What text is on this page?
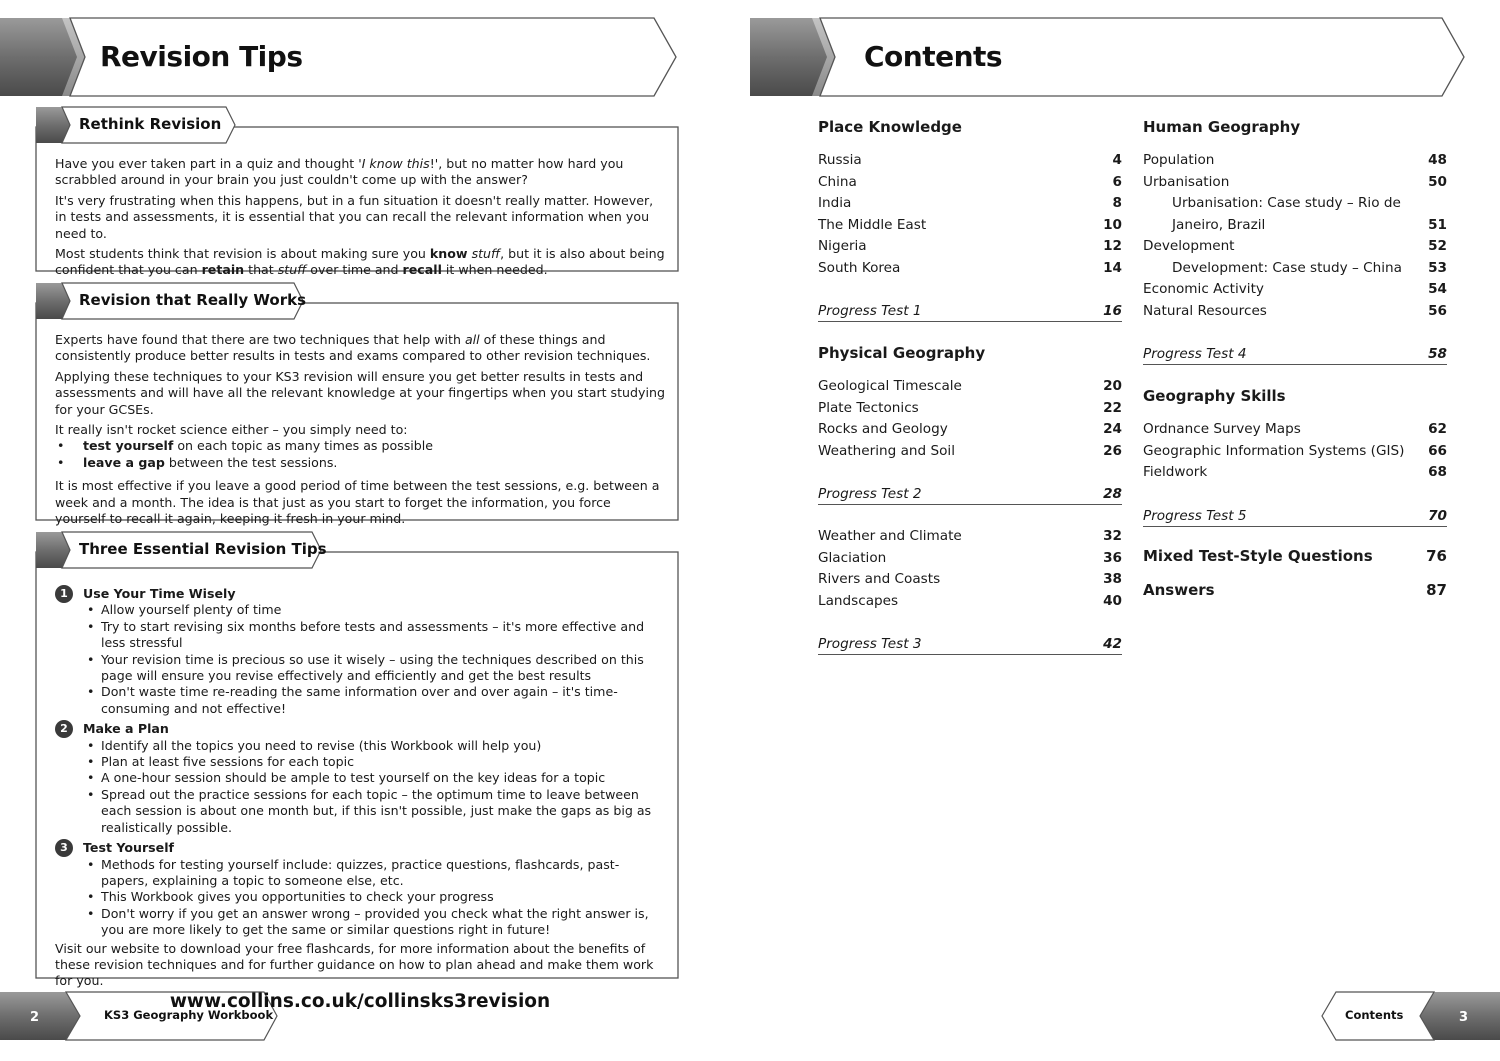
Revision Tips
Rethink Revision

Have you ever taken part in a quiz and thought 'I know this!', but no matter how hard you scrabbled around in your brain you just couldn't come up with the answer?

It's very frustrating when this happens, but in a fun situation it doesn't really matter. However, in tests and assessments, it is essential that you can recall the relevant information when you need to.

Most students think that revision is about making sure you know stuff, but it is also about being confident that you can retain that stuff over time and recall it when needed.

Revision that Really Works

Experts have found that there are two techniques that help with all of these things and consistently produce better results in tests and exams compared to other revision techniques.

Applying these techniques to your KS3 revision will ensure you get better results in tests and assessments and will have all the relevant knowledge at your fingertips when you start studying for your GCSEs.

It really isn't rocket science either – you simply need to:

• test yourself on each topic as many times as possible
• leave a gap between the test sessions.

It is most effective if you leave a good period of time between the test sessions, e.g. between a week and a month. The idea is that just as you start to forget the information, you force yourself to recall it again, keeping it fresh in your mind.

Three Essential Revision Tips
1	Use Your Time Wisely
• Allow yourself plenty of time
• Try to start revising six months before tests and assessments – it's more effective and less stressful
• Your revision time is precious so use it wisely – using the techniques described on this page will ensure you revise effectively and efficiently and get the best results
• Don't waste time re-reading the same information over and over again – it's time-consuming and not effective!
2	Make a Plan
• Identify all the topics you need to revise (this Workbook will help you)
• Plan at least five sessions for each topic
• A one-hour session should be ample to test yourself on the key ideas for a topic
• Spread out the practice sessions for each topic – the optimum time to leave between each session is about one month but, if this isn't possible, just make the gaps as big as realistically possible.
3	Test Yourself
• Methods for testing yourself include: quizzes, practice questions, flashcards, past-papers, explaining a topic to someone else, etc.
• This Workbook gives you opportunities to check your progress
• Don't worry if you get an answer wrong – provided you check what the right answer is, you are more likely to get the same or similar questions right in future!

Visit our website to download your free flashcards, for more information about the benefits of these revision techniques and for further guidance on how to plan ahead and make them work for you.

www.collins.co.uk/collinsks3revision
2	KS3 Geography Workbook
Contents
Place Knowledge
Russia	4
China	6
India	8
The Middle East	10
Nigeria	12
South Korea	14
Progress Test 1	16
Physical Geography
Geological Timescale	20
Plate Tectonics	22
Rocks and Geology	24
Weathering and Soil	26
Progress Test 2	28
Weather and Climate	32
Glaciation	36
Rivers and Coasts	38
Landscapes	40
Progress Test 3	42
Human Geography
Population	48
Urbanisation	50
Urbanisation: Case study – Rio de
Janeiro, Brazil	51
Development	52
Development: Case study – China 53
Economic Activity	54
Natural Resources	56
Progress Test 4	58
Geography Skills
Ordnance Survey Maps	62
Geographic Information Systems (GIS) 66
Fieldwork	68
Progress Test 5	70
Mixed Test-Style Questions	76
Answers	87
Contents	3
